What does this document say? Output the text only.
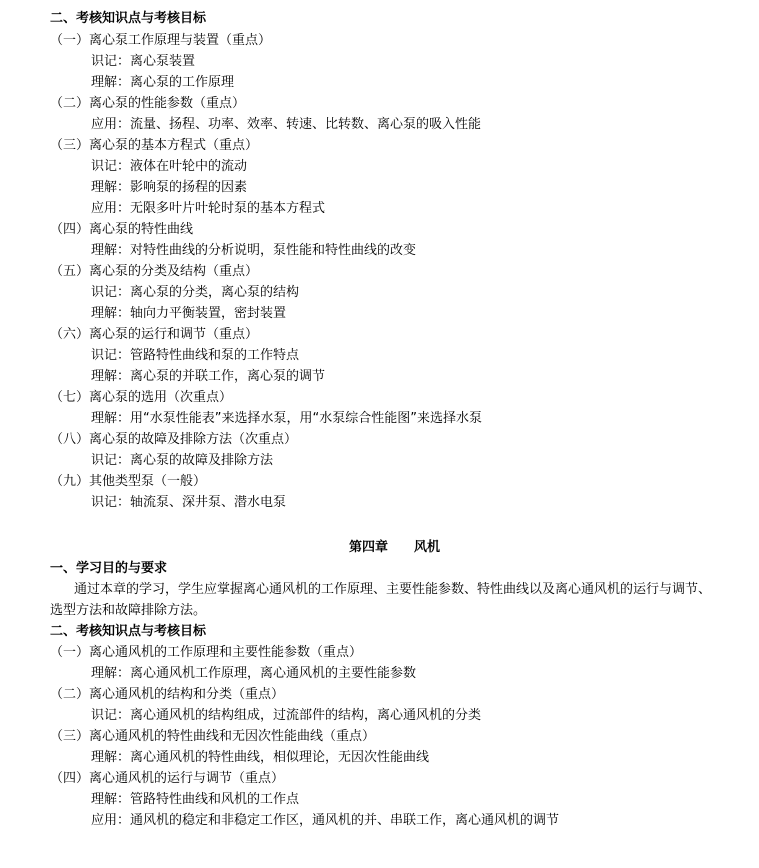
二、考核知识点与考核目标
（一）离心泵工作原理与装置（重点）
识记：离心泵装置
理解：离心泵的工作原理
（二）离心泵的性能参数（重点）
应用：流量、扬程、功率、效率、转速、比转数、离心泵的吸入性能
（三）离心泵的基本方程式（重点）
识记：液体在叶轮中的流动
理解：影响泵的扬程的因素
应用：无限多叶片叶轮时泵的基本方程式
（四）离心泵的特性曲线
理解：对特性曲线的分析说明，泵性能和特性曲线的改变
（五）离心泵的分类及结构（重点）
识记：离心泵的分类，离心泵的结构
理解：轴向力平衡装置，密封装置
（六）离心泵的运行和调节（重点）
识记：管路特性曲线和泵的工作特点
理解：离心泵的并联工作，离心泵的调节
（七）离心泵的选用（次重点）
理解：用“水泵性能表”来选择水泵，用“水泵综合性能图”来选择水泵
（八）离心泵的故障及排除方法（次重点）
识记：离心泵的故障及排除方法
（九）其他类型泵（一般）
识记：轴流泵、深井泵、潜水电泵
第四章 风机
一、学习目的与要求
通过本章的学习，学生应掌握离心通风机的工作原理、主要性能参数、特性曲线以及离心通风机的运行与调节、
选型方法和故障排除方法。
二、考核知识点与考核目标
（一）离心通风机的工作原理和主要性能参数（重点）
理解：离心通风机工作原理，离心通风机的主要性能参数
（二）离心通风机的结构和分类（重点）
识记：离心通风机的结构组成，过流部件的结构，离心通风机的分类
（三）离心通风机的特性曲线和无因次性能曲线（重点）
理解：离心通风机的特性曲线，相似理论，无因次性能曲线
（四）离心通风机的运行与调节（重点）
理解：管路特性曲线和风机的工作点
应用：通风机的稳定和非稳定工作区，通风机的并、串联工作，离心通风机的调节
